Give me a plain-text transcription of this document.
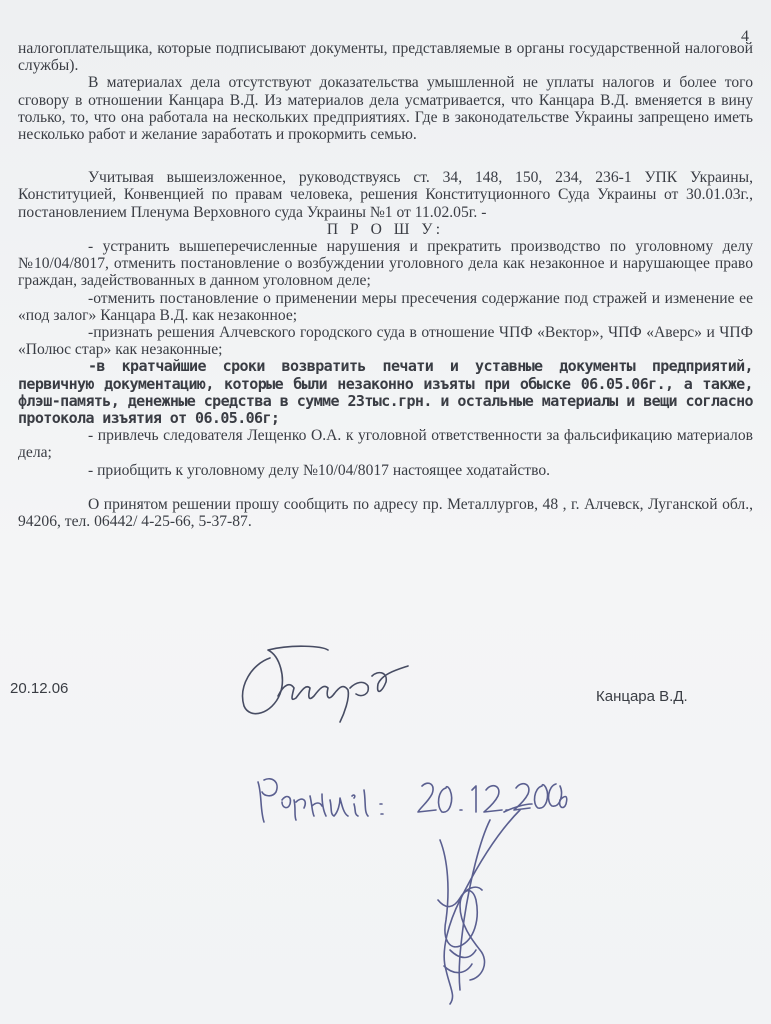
4

налогоплательщика, которые подписывают документы, представляемые в органы государственной налоговой службы).

В материалах дела отсутствуют доказательства умышленной не уплаты налогов и более того сговору в отношении Канцара В.Д. Из материалов дела усматривается, что Канцара В.Д. вменяется в вину только, то, что она работала на нескольких предприятиях. Где в законодательстве Украины запрещено иметь несколько работ и желание заработать и прокормить семью.

Учитывая вышеизложенное, руководствуясь ст. 34, 148, 150, 234, 236-1 УПК Украины, Конституцией, Конвенцией по правам человека, решения Конституционного Суда Украины от 30.01.03г., постановлением Пленума Верховного суда Украины №1 от 11.02.05г. -

П Р О Ш У:

- устранить вышеперечисленные нарушения и прекратить производство по уголовному делу №10/04/8017, отменить постановление о возбуждении уголовного дела как незаконное и нарушающее право граждан, задействованных в данном уголовном деле;

-отменить постановление о применении меры пресечения содержание под стражей и изменение ее «под залог» Канцара В.Д. как незаконное;

-признать решения Алчевского городского суда в отношение ЧПФ «Вектор», ЧПФ «Аверс» и ЧПФ «Полюс стар» как незаконные;

-в кратчайшие сроки возвратить печати и уставные документы предприятий, первичную документацию, которые были незаконно изъяты при обыске 06.05.06г., а также, флэш-память, денежные средства в сумме 23тыс.грн. и остальные материалы и вещи согласно протокола изъятия от 06.05.06г;

- привлечь следователя Лещенко О.А. к уголовной ответственности за фальсификацию материалов дела;

- приобщить к уголовному делу №10/04/8017 настоящее ходатайство.

О принятом решении прошу сообщить по адресу пр. Металлургов, 48 , г. Алчевск, Луганской обл., 94206, тел. 06442/ 4-25-66, 5-37-87.

20.12.06	Канцара В.Д.
